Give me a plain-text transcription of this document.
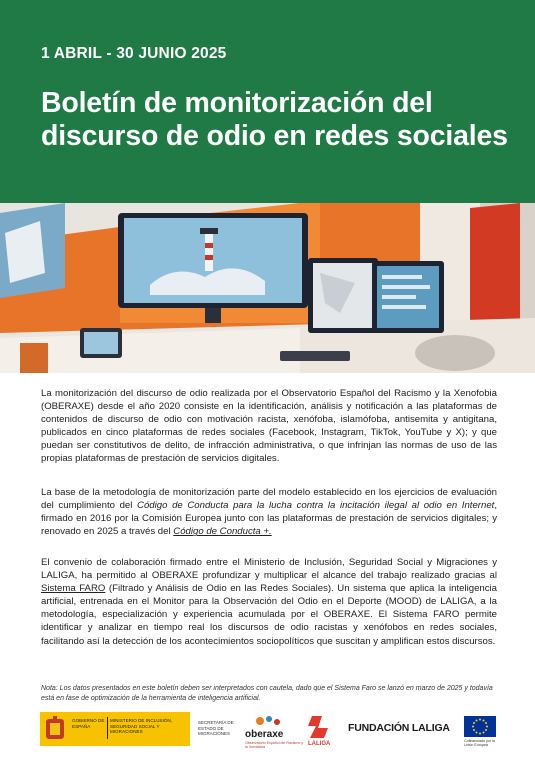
1 ABRIL - 30 JUNIO 2025
Boletín de monitorización del discurso de odio en redes sociales

La monitorización del discurso de odio realizada por el Observatorio Español del Racismo y la Xenofobia (OBERAXE) desde el año 2020 consiste en la identificación, análisis y notificación a las plataformas de contenidos de discurso de odio con motivación racista, xenófoba, islamófoba, antisemita y antigitana, publicados en cinco plataformas de redes sociales (Facebook, Instagram, TikTok, YouTube y X); y que puedan ser constitutivos de delito, de infracción administrativa, o que infrinjan las normas de uso de las propias plataformas de prestación de servicios digitales.

La base de la metodología de monitorización parte del modelo establecido en los ejercicios de evaluación del cumplimiento del Código de Conducta para la lucha contra la incitación ilegal al odio en Internet, firmado en 2016 por la Comisión Europea junto con las plataformas de prestación de servicios digitales; y renovado en 2025 a través del Código de Conducta +.

El convenio de colaboración firmado entre el Ministerio de Inclusión, Seguridad Social y Migraciones y LALIGA, ha permitido al OBERAXE profundizar y multiplicar el alcance del trabajo realizado gracias al Sistema FARO (Filtrado y Análisis de Odio en las Redes Sociales). Un sistema que aplica la inteligencia artificial, entrenada en el Monitor para la Observación del Odio en el Deporte (MOOD) de LALIGA, a la metodología, especialización y experiencia acumulada por el OBERAXE. El Sistema FARO permite identificar y analizar en tiempo real los discursos de odio racistas y xenófobos en redes sociales, facilitando así la detección de los acontecimientos sociopolíticos que suscitan y amplifican estos discursos.

Nota: Los datos presentados en este boletín deben ser interpretados con cautela, dado que el Sistema Faro se lanzó en marzo de 2025 y todavía está en fase de optimización de la herramienta de inteligencia artificial.

GOBIERNO DE ESPAÑA
MINISTERIO DE INCLUSIÓN, SEGURIDAD SOCIAL Y MIGRACIONES
SECRETARÍA DE ESTADO DE MIGRACIONES	oberaxe
Observatorio Español del Racismo y la Xenofobia	LALIGA
FUNDACIÓN LALIGA
Cofinanciado por la Unión Europea
